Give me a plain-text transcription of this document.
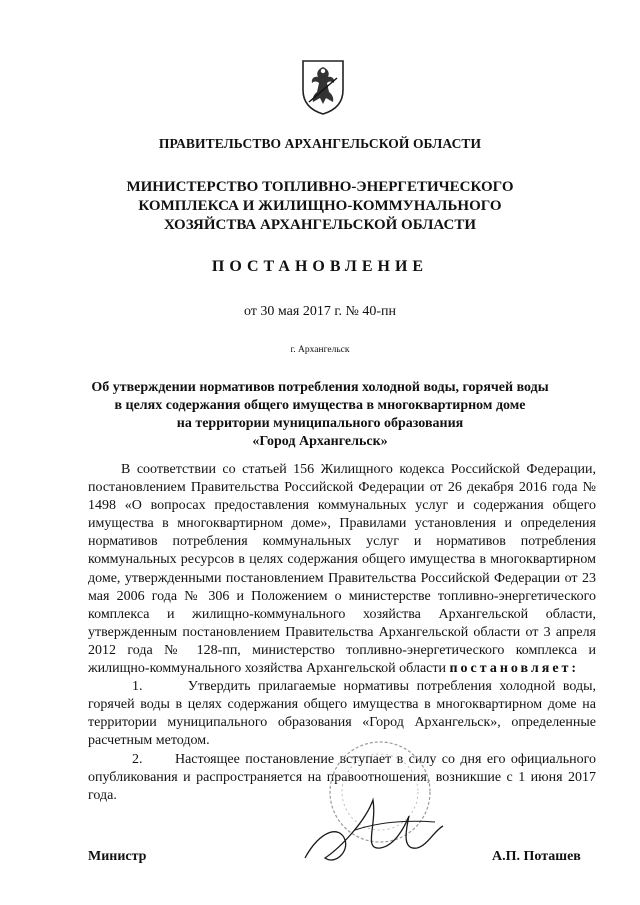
ПРАВИТЕЛЬСТВО АРХАНГЕЛЬСКОЙ ОБЛАСТИ
МИНИСТЕРСТВО ТОПЛИВНО-ЭНЕРГЕТИЧЕСКОГО
КОМПЛЕКСА И ЖИЛИЩНО-КОММУНАЛЬНОГО
ХОЗЯЙСТВА АРХАНГЕЛЬСКОЙ ОБЛАСТИ
ПОСТАНОВЛЕНИЕ
от 30 мая 2017 г. № 40-пн
г. Архангельск
Об утверждении нормативов потребления холодной воды, горячей воды
в целях содержания общего имущества в многоквартирном доме
на территории муниципального образования
«Город Архангельск»

В соответствии со статьей 156 Жилищного кодекса Российской Федерации, постановлением Правительства Российской Федерации от 26 декабря 2016 года № 1498 «О вопросах предоставления коммунальных услуг и содержания общего имущества в многоквартирном доме», Правилами установления и определения нормативов потребления коммунальных услуг и нормативов потребления коммунальных ресурсов в целях содержания общего имущества в многоквартирном доме, утвержденными постановлением Правительства Российской Федерации от 23 мая 2006 года № 306 и Положением о министерстве топливно-энергетического комплекса и жилищно-коммунального хозяйства Архангельской области, утвержденным постановлением Правительства Архангельской области от 3 апреля 2012 года № 128-пп, министерство топливно-энергетического комплекса и жилищно-коммунального хозяйства Архангельской области постановляет:

1.	Утвердить прилагаемые нормативы потребления холодной воды, горячей воды в целях содержания общего имущества в многоквартирном доме на территории муниципального образования «Город Архангельск», определенные расчетным методом.

2. Настоящее постановление вступает в силу со дня его официального опубликования и распространяется на правоотношения, возникшие с 1 июня 2017 года.

Министр	А.П. Поташев
